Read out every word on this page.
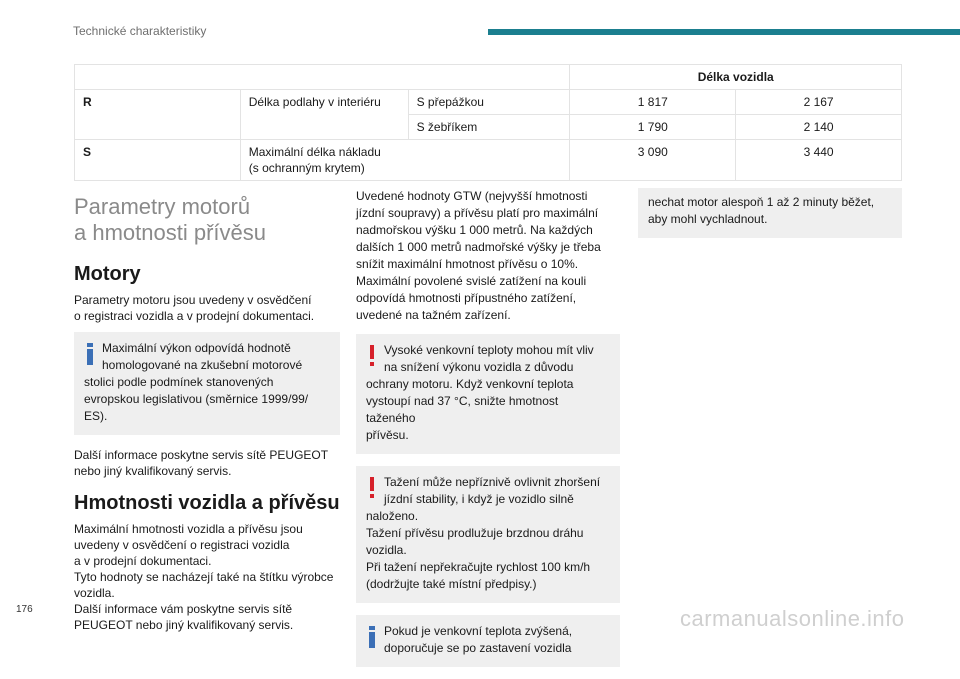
Technické charakteristiky
			Délka vozidla	
R	Délka podlahy v interiéru	S přepážkou	1 817	2 167
		S žebříkem	1 790	2 140
S	Maximální délka nákladu
(s ochranným krytem)		3 090	3 440
Parametry motorů
a hmotnosti přívěsu
Motory
Parametry motoru jsou uvedeny v osvědčení
o registraci vozidla a v prodejní dokumentaci.
Maximální výkon odpovídá hodnotě
homologované na zkušební motorové
stolici podle podmínek stanovených
evropskou legislativou (směrnice 1999/99/
ES).
Další informace poskytne servis sítě PEUGEOT
nebo jiný kvalifikovaný servis.
Hmotnosti vozidla a přívěsu
Maximální hmotnosti vozidla a přívěsu jsou
uvedeny v osvědčení o registraci vozidla
a v prodejní dokumentaci.
Tyto hodnoty se nacházejí také na štítku výrobce
vozidla.
Další informace vám poskytne servis sítě
PEUGEOT nebo jiný kvalifikovaný servis.
Uvedené hodnoty GTW (nejvyšší hmotnosti
jízdní soupravy) a přívěsu platí pro maximální
nadmořskou výšku 1 000 metrů. Na každých
dalších 1 000 metrů nadmořské výšky je třeba
snížit maximální hmotnost přívěsu o 10%.
Maximální povolené svislé zatížení na kouli
odpovídá hmotnosti přípustného zatížení,
uvedené na tažném zařízení.
Vysoké venkovní teploty mohou mít vliv
na snížení výkonu vozidla z důvodu
ochrany motoru. Když venkovní teplota
vystoupí nad 37 °C, snižte hmotnost taženého
přívěsu.
Tažení může nepříznivě ovlivnit zhoršení
jízdní stability, i když je vozidlo silně
naloženo.
Tažení přívěsu prodlužuje brzdnou dráhu
vozidla.
Při tažení nepřekračujte rychlost 100 km/h
(dodržujte také místní předpisy.)
Pokud je venkovní teplota zvýšená,
doporučuje se po zastavení vozidla
nechat motor alespoň 1 až 2 minuty běžet,
aby mohl vychladnout.
176	carmanualsonline.info
